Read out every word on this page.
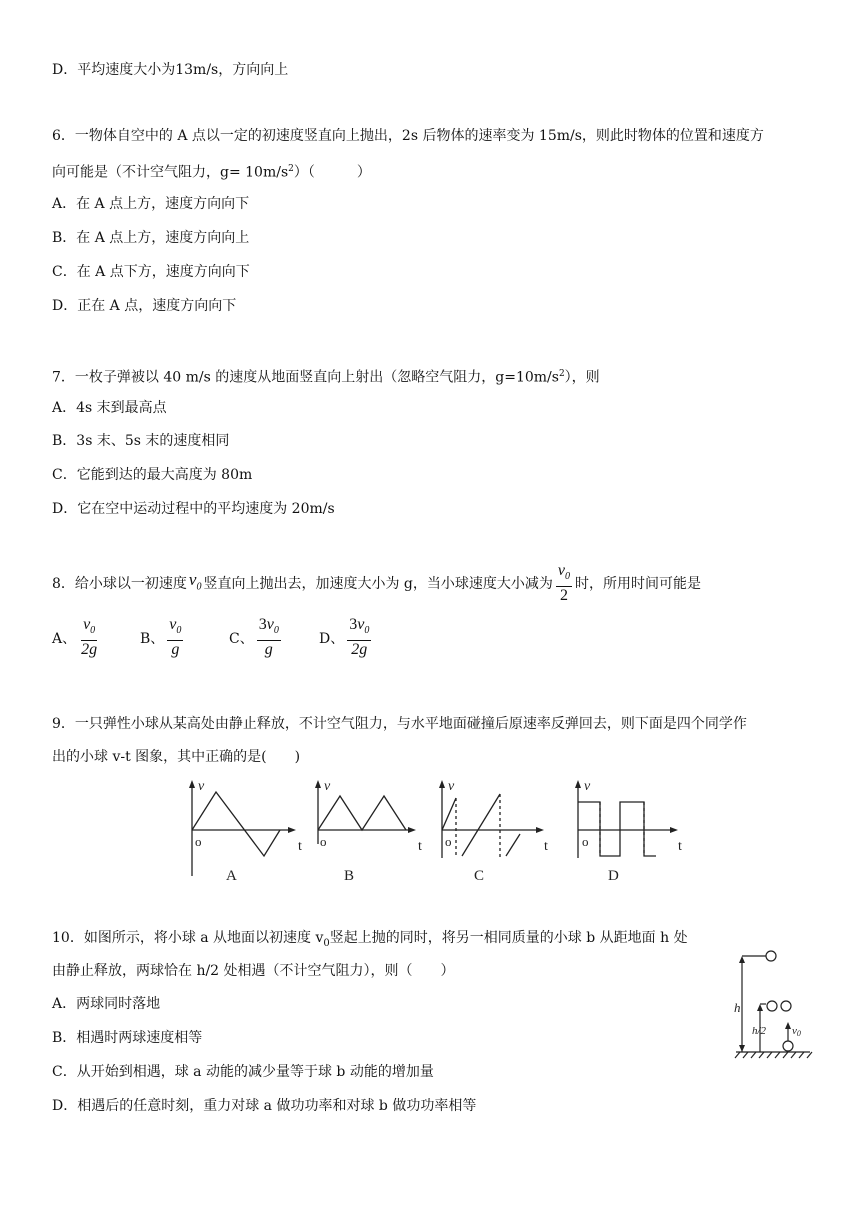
D．平均速度大小为13m/s，方向向上
6．一物体自空中的 A 点以一定的初速度竖直向上抛出，2s 后物体的速率变为 15m/s，则此时物体的位置和速度方
向可能是（不计空气阻力，$g= 10m/s^2$）（　　　）
A．在 A 点上方，速度方向向下
B．在 A 点上方，速度方向向上
C．在 A 点下方，速度方向向下
D．正在 A 点，速度方向向下
7．一枚子弹被以 40 m/s 的速度从地面竖直向上射出（忽略空气阻力，$g=10m/s^2$），则
A．4s 末到最高点
B．3s 末、5s 末的速度相同
C．它能到达的最大高度为 80m
D．它在空中运动过程中的平均速度为 20m/s
8．给小球以一初速度 $v_0$ 竖直向上抛出去，加速度大小为 g，当小球速度大小减为 $\frac{v_0}{2}$ 时，所用时间可能是
A、 $\frac{v_0}{2g}$	B、 $\frac{v_0}{g}$	C、 $\frac{3v_0}{g}$	D、 $\frac{3v_0}{2g}$
9．一只弹性小球从某高处由静止释放，不计空气阻力，与水平地面碰撞后原速率反弹回去，则下面是四个同学作
出的小球 v-t 图象，其中正确的是(　　)
v
o	t
A
v
o	t
B
v
o	t
C
v
o	t
D
10．如图所示，将小球 a 从地面以初速度 $v_0$竖起上抛的同时，将另一相同质量的小球 b 从距地面 h 处
由静止释放，两球恰在 h/2 处相遇（不计空气阻力），则（　　）
A．两球同时落地
B．相遇时两球速度相等
C．从开始到相遇，球 a 动能的减少量等于球 b 动能的增加量
D．相遇后的任意时刻，重力对球 a 做功功率和对球 b 做功功率相等
h
h/2 v0
